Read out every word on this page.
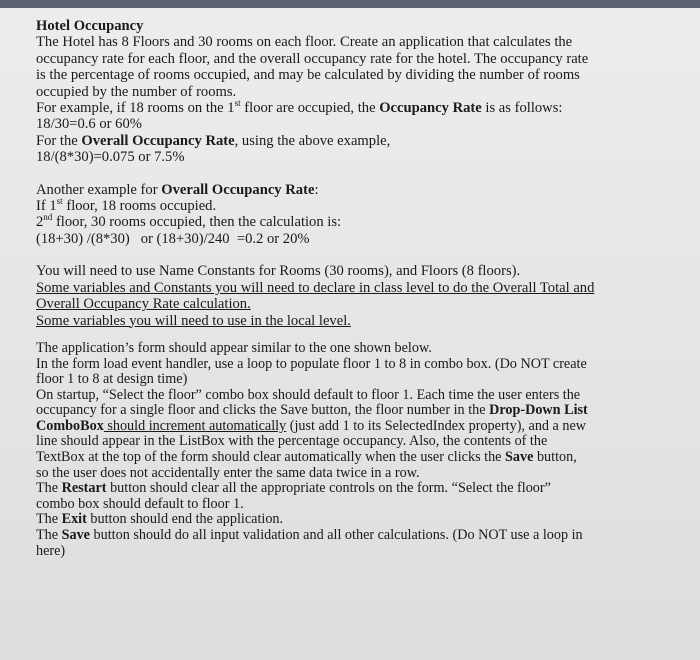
Hotel Occupancy

The Hotel has 8 Floors and 30 rooms on each floor. Create an application that calculates the

occupancy rate for each floor, and the overall occupancy rate for the hotel. The occupancy rate

is the percentage of rooms occupied, and may be calculated by dividing the number of rooms

occupied by the number of rooms.

For example, if 18 rooms on the 1st floor are occupied, the Occupancy Rate is as follows:

18/30=0.6 or 60%

For the Overall Occupancy Rate, using the above example,

18/(8*30)=0.075 or 7.5%

Another example for Overall Occupancy Rate:

If 1st floor, 18 rooms occupied.

2nd floor, 30 rooms occupied, then the calculation is:

(18+30) /(8*30)   or (18+30)/240  =0.2 or 20%

You will need to use Name Constants for Rooms (30 rooms), and Floors (8 floors).

Some variables and Constants you will need to declare in class level to do the Overall Total and

Overall Occupancy Rate calculation.

Some variables you will need to use in the local level.

The application’s form should appear similar to the one shown below.

In the form load event handler, use a loop to populate floor 1 to 8 in combo box. (Do NOT create

floor 1 to 8 at design time)

On startup, “Select the floor” combo box should default to floor 1. Each time the user enters the

occupancy for a single floor and clicks the Save button, the floor number in the Drop-Down List

ComboBox should increment automatically (just add 1 to its SelectedIndex property), and a new

line should appear in the ListBox with the percentage occupancy. Also, the contents of the

TextBox at the top of the form should clear automatically when the user clicks the Save button,

so the user does not accidentally enter the same data twice in a row.

The Restart button should clear all the appropriate controls on the form. “Select the floor”

combo box should default to floor 1.

The Exit button should end the application.

The Save button should do all input validation and all other calculations. (Do NOT use a loop in

here)
